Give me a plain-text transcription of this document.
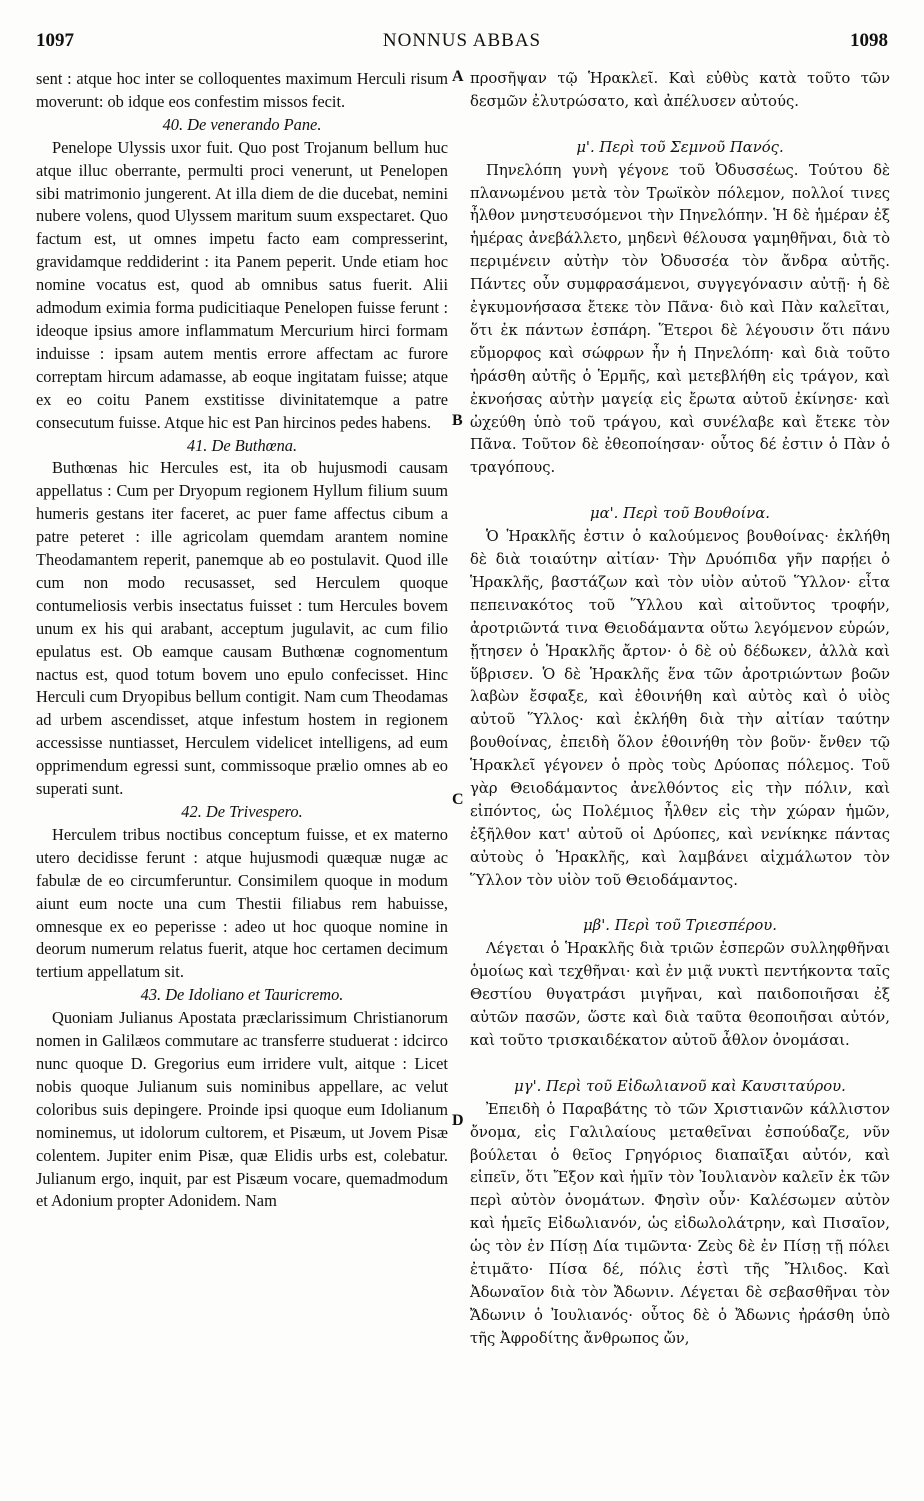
1097	NONNUS ABBAS	1098
A
B
C
D

sent : atque hoc inter se colloquentes maximum Herculi risum moverunt: ob idque eos confestim missos fecit.

40. De venerando Pane.

Penelope Ulyssis uxor fuit. Quo post Trojanum bellum huc atque illuc oberrante, permulti proci venerunt, ut Penelopen sibi matrimonio jungerent. At illa diem de die ducebat, nemini nubere volens, quod Ulyssem maritum suum exspectaret. Quo factum est, ut omnes impetu facto eam compresserint, gravidamque reddiderint : ita Panem peperit. Unde etiam hoc nomine vocatus est, quod ab omnibus satus fuerit. Alii admodum eximia forma pudicitiaque Penelopen fuisse ferunt : ideoque ipsius amore inflammatum Mercurium hirci formam induisse : ipsam autem mentis errore affectam ac furore correptam hircum adamasse, ab eoque ingitatam fuisse; atque ex eo coitu Panem exstitisse divinitatemque a patre consecutum fuisse. Atque hic est Pan hircinos pedes habens.

41. De Buthœna.

Buthœnas hic Hercules est, ita ob hujusmodi causam appellatus : Cum per Dryopum regionem Hyllum filium suum humeris gestans iter faceret, ac puer fame affectus cibum a patre peteret : ille agricolam quemdam arantem nomine Theodamantem reperit, panemque ab eo postulavit. Quod ille cum non modo recusasset, sed Herculem quoque contumeliosis verbis insectatus fuisset : tum Hercules bovem unum ex his qui arabant, acceptum jugulavit, ac cum filio epulatus est. Ob eamque causam Buthœnæ cognomentum nactus est, quod totum bovem uno epulo confecisset. Hinc Herculi cum Dryopibus bellum contigit. Nam cum Theodamas ad urbem ascendisset, atque infestum hostem in regionem accessisse nuntiasset, Herculem videlicet intelligens, ad eum opprimendum egressi sunt, commissoque prælio omnes ab eo superati sunt.

42. De Trivespero.

Herculem tribus noctibus conceptum fuisse, et ex materno utero decidisse ferunt : atque hujusmodi quæquæ nugæ ac fabulæ de eo circumferuntur. Consimilem quoque in modum aiunt eum nocte una cum Thestii filiabus rem habuisse, omnesque ex eo peperisse : adeo ut hoc quoque nomine in deorum numerum relatus fuerit, atque hoc certamen decimum tertium appellatum sit.

43. De Idoliano et Tauricremo.

Quoniam Julianus Apostata præclarissimum Christianorum nomen in Galilæos commutare ac transferre studuerat : idcirco nunc quoque D. Gregorius eum irridere vult, aitque : Licet nobis quoque Julianum suis nominibus appellare, ac velut coloribus suis depingere. Proinde ipsi quoque eum Idolianum nominemus, ut idolorum cultorem, et Pisæum, ut Jovem Pisæ colentem. Jupiter enim Pisæ, quæ Elidis urbs est, colebatur. Julianum ergo, inquit, par est Pisæum vocare, quemadmodum et Adonium propter Adonidem. Nam

προσῆψαν τῷ Ἡρακλεῖ. Καὶ εὐθὺς κατὰ τοῦτο τῶν δεσμῶν ἐλυτρώσατο, καὶ ἀπέλυσεν αὐτούς.

μ'. Περὶ τοῦ Σεμνοῦ Πανός.

Πηνελόπη γυνὴ γέγονε τοῦ Ὀδυσσέως. Τούτου δὲ πλανωμένου μετὰ τὸν Τρωϊκὸν πόλεμον, πολλοί τινες ἦλθον μνηστευσόμενοι τὴν Πηνελόπην. Ἡ δὲ ἡμέραν ἐξ ἡμέρας ἀνεβάλλετο, μηδενὶ θέλουσα γαμηθῆναι, διὰ τὸ περιμένειν αὐτὴν τὸν Ὀδυσσέα τὸν ἄνδρα αὐτῆς. Πάντες οὖν συμφρασάμενοι, συγγεγόνασιν αὐτῇ· ἡ δὲ ἐγκυμονήσασα ἔτεκε τὸν Πᾶνα· διὸ καὶ Πὰν καλεῖται, ὅτι ἐκ πάντων ἐσπάρη. Ἕτεροι δὲ λέγουσιν ὅτι πάνυ εὔμορφος καὶ σώφρων ἦν ἡ Πηνελόπη· καὶ διὰ τοῦτο ἠράσθη αὐτῆς ὁ Ἑρμῆς, καὶ μετεβλήθη εἰς τράγον, καὶ ἐκνοήσας αὐτὴν μαγείᾳ εἰς ἔρωτα αὐτοῦ ἐκίνησε· καὶ ὠχεύθη ὑπὸ τοῦ τράγου, καὶ συνέλαβε καὶ ἔτεκε τὸν Πᾶνα. Τοῦτον δὲ ἐθεοποίησαν· οὗτος δέ ἐστιν ὁ Πὰν ὁ τραγόπους.

μα'. Περὶ τοῦ Βουθοίνα.

Ὁ Ἡρακλῆς ἐστιν ὁ καλούμενος βουθοίνας· ἐκλήθη δὲ διὰ τοιαύτην αἰτίαν· Τὴν Δρυόπιδα γῆν παρῄει ὁ Ἡρακλῆς, βαστάζων καὶ τὸν υἱὸν αὐτοῦ Ὕλλον· εἶτα πεπεινακότος τοῦ Ὕλλου καὶ αἰτοῦντος τροφήν, ἀροτριῶντά τινα Θειοδάμαντα οὕτω λεγόμενον εὑρών, ᾔτησεν ὁ Ἡρακλῆς ἄρτον· ὁ δὲ οὐ δέδωκεν, ἀλλὰ καὶ ὕβρισεν. Ὁ δὲ Ἡρακλῆς ἕνα τῶν ἀροτριώντων βοῶν λαβὼν ἔσφαξε, καὶ ἐθοινήθη καὶ αὐτὸς καὶ ὁ υἱὸς αὐτοῦ Ὕλλος· καὶ ἐκλήθη διὰ τὴν αἰτίαν ταύτην βουθοίνας, ἐπειδὴ ὅλον ἐθοινήθη τὸν βοῦν· ἔνθεν τῷ Ἡρακλεῖ γέγονεν ὁ πρὸς τοὺς Δρύοπας πόλεμος. Τοῦ γὰρ Θειοδάμαντος ἀνελθόντος εἰς τὴν πόλιν, καὶ εἰπόντος, ὡς Πολέμιος ἦλθεν εἰς τὴν χώραν ἡμῶν, ἐξῆλθον κατ' αὐτοῦ οἱ Δρύοπες, καὶ νενίκηκε πάντας αὐτοὺς ὁ Ἡρακλῆς, καὶ λαμβάνει αἰχμάλωτον τὸν Ὕλλον τὸν υἱὸν τοῦ Θειοδάμαντος.

μβ'. Περὶ τοῦ Τριεσπέρου.

Λέγεται ὁ Ἡρακλῆς διὰ τριῶν ἑσπερῶν συλληφθῆναι ὁμοίως καὶ τεχθῆναι· καὶ ἐν μιᾷ νυκτὶ πεντήκοντα ταῖς Θεστίου θυγατράσι μιγῆναι, καὶ παιδοποιῆσαι ἐξ αὐτῶν πασῶν, ὥστε καὶ διὰ ταῦτα θεοποιῆσαι αὐτόν, καὶ τοῦτο τρισκαιδέκατον αὐτοῦ ἆθλον ὀνομάσαι.

μγ'. Περὶ τοῦ Εἰδωλιανοῦ καὶ Καυσιταύρου.

Ἐπειδὴ ὁ Παραβάτης τὸ τῶν Χριστιανῶν κάλλιστον ὄνομα, εἰς Γαλιλαίους μεταθεῖναι ἐσπούδαζε, νῦν βούλεται ὁ θεῖος Γρηγόριος διαπαῖξαι αὐτόν, καὶ εἰπεῖν, ὅτι Ἔξον καὶ ἡμῖν τὸν Ἰουλιανὸν καλεῖν ἐκ τῶν περὶ αὐτὸν ὀνομάτων. Φησὶν οὖν· Καλέσωμεν αὐτὸν καὶ ἡμεῖς Εἰδωλιανόν, ὡς εἰδωλολάτρην, καὶ Πισαῖον, ὡς τὸν ἐν Πίσῃ Δία τιμῶντα· Ζεὺς δὲ ἐν Πίσῃ τῇ πόλει ἐτιμᾶτο· Πίσα δέ, πόλις ἐστὶ τῆς Ἤλιδος. Καὶ Ἀδωναῖον διὰ τὸν Ἄδωνιν. Λέγεται δὲ σεβασθῆναι τὸν Ἄδωνιν ὁ Ἰουλιανός· οὗτος δὲ ὁ Ἄδωνις ἠράσθη ὑπὸ τῆς Ἀφροδίτης ἄνθρωπος ὤν,
